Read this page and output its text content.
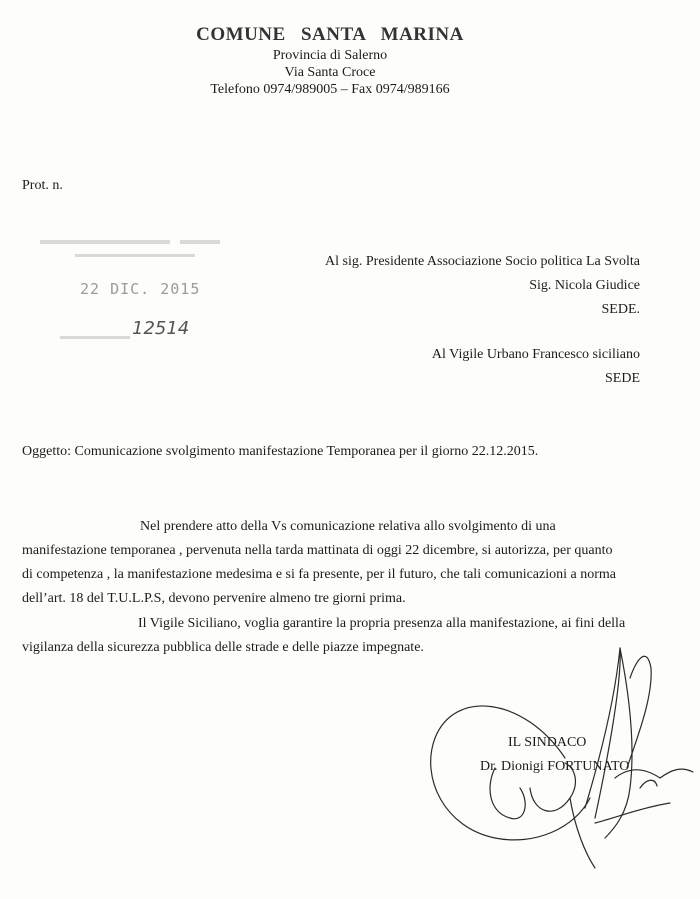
COMUNE SANTA MARINA
Provincia di Salerno
Via Santa Croce
Telefono 0974/989005 – Fax 0974/989166
Prot. n.
22 DIC. 2015
12514
Al sig. Presidente Associazione Socio politica La Svolta
Sig. Nicola Giudice
SEDE.
Al Vigile Urbano Francesco siciliano
SEDE
Oggetto: Comunicazione svolgimento manifestazione Temporanea per il giorno 22.12.2015.
Nel prendere atto della Vs comunicazione relativa allo svolgimento di una
manifestazione temporanea , pervenuta nella tarda mattinata di oggi 22 dicembre, si autorizza, per quanto
di competenza , la manifestazione medesima e si fa presente, per il futuro, che tali comunicazioni a norma
dell’art. 18 del T.U.L.P.S, devono pervenire almeno tre giorni prima.
Il Vigile Siciliano, voglia garantire la propria presenza alla manifestazione, ai fini della
vigilanza della sicurezza pubblica delle strade e delle piazze impegnate.
IL SINDACO
Dr. Dionigi FORTUNATO
